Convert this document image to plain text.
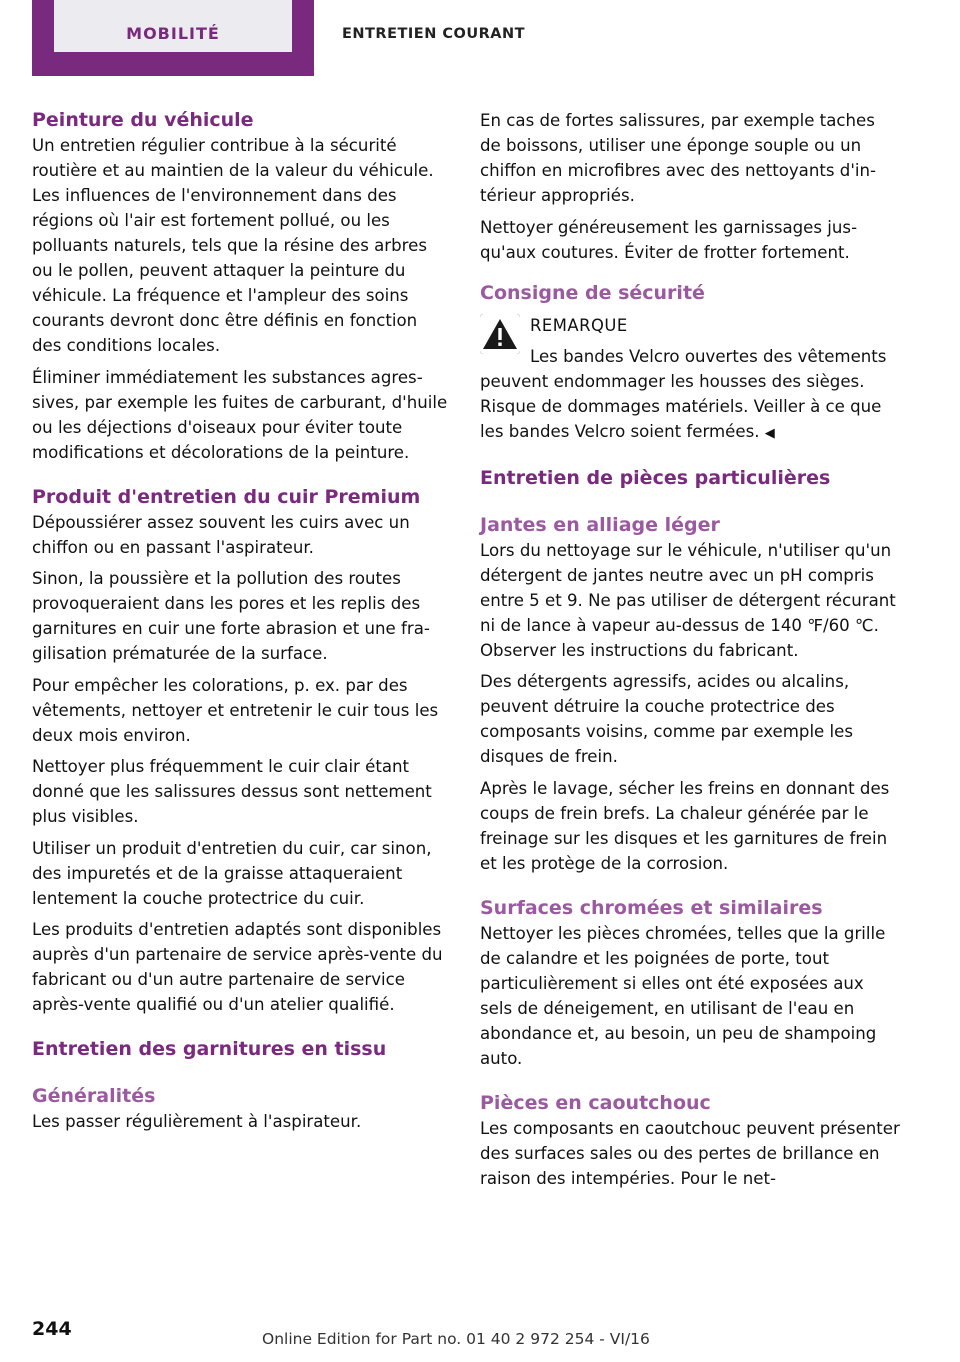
MOBILITÉ	ENTRETIEN COURANT
Peinture du véhicule

Un entretien régulier contribue à la sécurité routière et au maintien de la valeur du véhicule. Les influences de l'environnement dans des régions où l'air est fortement pollué, ou les polluants naturels, tels que la résine des arbres ou le pollen, peuvent attaquer la peinture du véhicule. La fréquence et l'ampleur des soins courants devront donc être définis en fonction des conditions locales.

Éliminer immédiatement les substances agressives, par exemple les fuites de carburant, d'huile ou les déjections d'oiseaux pour éviter toute modifications et décolorations de la peinture.

Produit d'entretien du cuir Premium

Dépoussiérer assez souvent les cuirs avec un chiffon ou en passant l'aspirateur.

Sinon, la poussière et la pollution des routes provoqueraient dans les pores et les replis des garnitures en cuir une forte abrasion et une fragilisation prématurée de la surface.

Pour empêcher les colorations, p. ex. par des vêtements, nettoyer et entretenir le cuir tous les deux mois environ.

Nettoyer plus fréquemment le cuir clair étant donné que les salissures dessus sont nettement plus visibles.

Utiliser un produit d'entretien du cuir, car sinon, des impuretés et de la graisse attaqueraient lentement la couche protectrice du cuir.

Les produits d'entretien adaptés sont disponibles auprès d'un partenaire de service après-vente du fabricant ou d'un autre partenaire de service après-vente qualifié ou d'un atelier qualifié.

Entretien des garnitures en tissu
Généralités

Les passer régulièrement à l'aspirateur.

En cas de fortes salissures, par exemple taches de boissons, utiliser une éponge souple ou un chiffon en microfibres avec des nettoyants d'intérieur appropriés.

Nettoyer généreusement les garnissages jusqu'aux coutures. Éviter de frotter fortement.

Consigne de sécurité
REMARQUE

Les bandes Velcro ouvertes des vêtements peuvent endommager les housses des sièges. Risque de dommages matériels. Veiller à ce que les bandes Velcro soient fermées. ◀

Entretien de pièces particulières
Jantes en alliage léger

Lors du nettoyage sur le véhicule, n'utiliser qu'un détergent de jantes neutre avec un pH compris entre 5 et 9. Ne pas utiliser de détergent récurant ni de lance à vapeur au-dessus de 140 ℉/60 ℃. Observer les instructions du fabricant.

Des détergents agressifs, acides ou alcalins, peuvent détruire la couche protectrice des composants voisins, comme par exemple les disques de frein.

Après le lavage, sécher les freins en donnant des coups de frein brefs. La chaleur générée par le freinage sur les disques et les garnitures de frein et les protège de la corrosion.

Surfaces chromées et similaires

Nettoyer les pièces chromées, telles que la grille de calandre et les poignées de porte, tout particulièrement si elles ont été exposées aux sels de déneigement, en utilisant de l'eau en abondance et, au besoin, un peu de shampoing auto.

Pièces en caoutchouc

Les composants en caoutchouc peuvent présenter des surfaces sales ou des pertes de brillance en raison des intempéries. Pour le net-

244	Online Edition for Part no. 01 40 2 972 254 - VI/16
